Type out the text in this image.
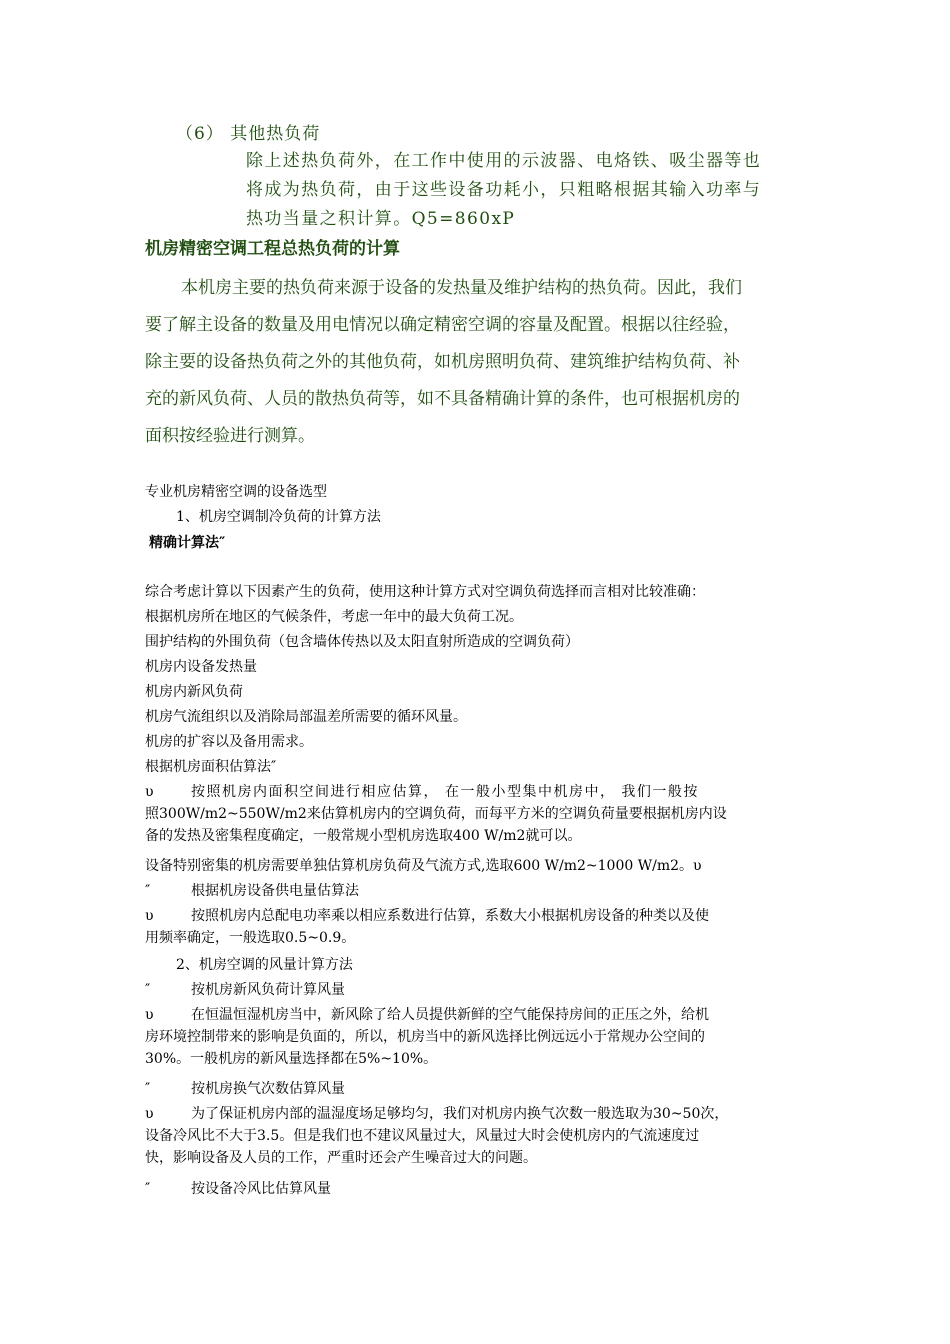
（6） 其他热负荷
除上述热负荷外，在工作中使用的示波器、电烙铁、吸尘器等也
将成为热负荷，由于这些设备功耗小，只粗略根据其输入功率与
热功当量之积计算。Q5=860xP
机房精密空调工程总热负荷的计算
本机房主要的热负荷来源于设备的发热量及维护结构的热负荷。因此，我们
要了解主设备的数量及用电情况以确定精密空调的容量及配置。根据以往经验，
除主要的设备热负荷之外的其他负荷，如机房照明负荷、建筑维护结构负荷、补
充的新风负荷、人员的散热负荷等，如不具备精确计算的条件，也可根据机房的
面积按经验进行测算。
专业机房精密空调的设备选型
1、机房空调制冷负荷的计算方法
精确计算法″
综合考虑计算以下因素产生的负荷，使用这种计算方式对空调负荷选择而言相对比较准确：
根据机房所在地区的气候条件，考虑一年中的最大负荷工况。
围护结构的外围负荷（包含墙体传热以及太阳直射所造成的空调负荷）
机房内设备发热量
机房内新风负荷
机房气流组织以及消除局部温差所需要的循环风量。
机房的扩容以及备用需求。
根据机房面积估算法″
υ	按照机房内面积空间进行相应估算， 在一般小型集中机房中， 我们一般按
照300W/m2~550W/m2来估算机房内的空调负荷，而每平方米的空调负荷量要根据机房内设
备的发热及密集程度确定，一般常规小型机房选取400 W/m2就可以。
设备特别密集的机房需要单独估算机房负荷及气流方式,选取600 W/m2~1000 W/m2。υ
″	根据机房设备供电量估算法
υ	按照机房内总配电功率乘以相应系数进行估算，系数大小根据机房设备的种类以及使
用频率确定，一般选取0.5~0.9。
2、机房空调的风量计算方法
″	按机房新风负荷计算风量
υ	在恒温恒湿机房当中，新风除了给人员提供新鲜的空气能保持房间的正压之外，给机
房环境控制带来的影响是负面的，所以，机房当中的新风选择比例远远小于常规办公空间的
30%。一般机房的新风量选择都在5%~10%。
″	按机房换气次数估算风量
υ	为了保证机房内部的温湿度场足够均匀，我们对机房内换气次数一般选取为30~50次，
设备冷风比不大于3.5。但是我们也不建议风量过大，风量过大时会使机房内的气流速度过
快，影响设备及人员的工作，严重时还会产生噪音过大的问题。
″	按设备冷风比估算风量
